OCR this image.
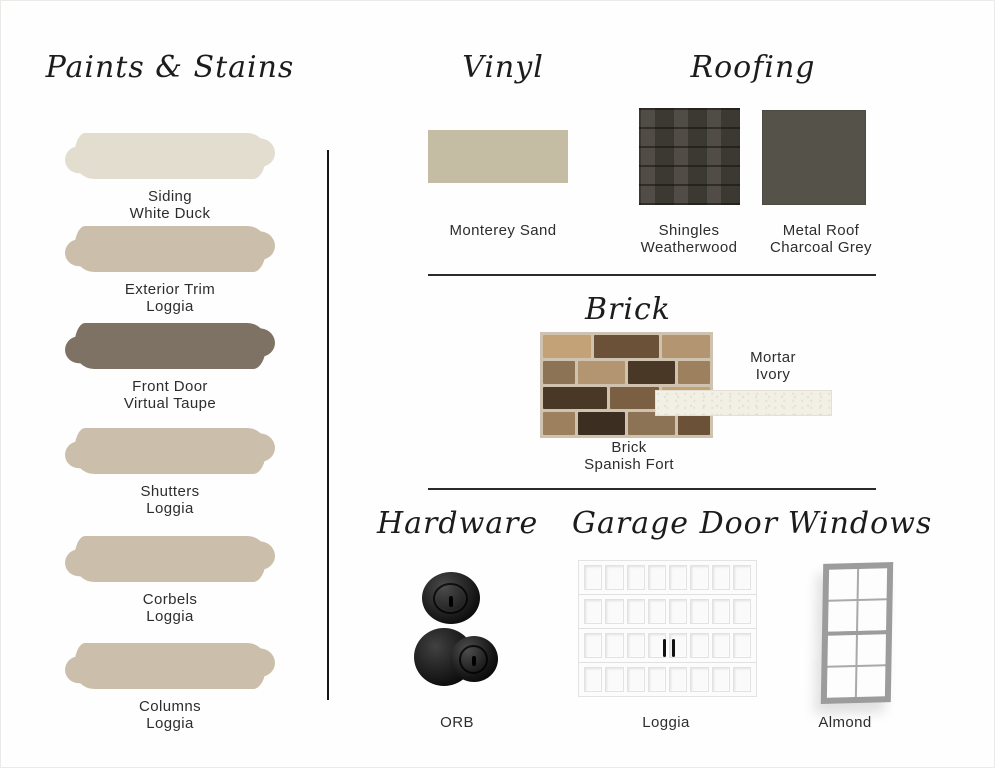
Paints & Stains	Vinyl	Roofing
Brick
Hardware Garage Door Windows
Siding
White Duck
Exterior Trim
Loggia
Front Door
Virtual Taupe
Shutters
Loggia
Corbels
Loggia
Columns
Loggia
Monterey Sand	Shingles
Weatherwood
Metal Roof
Charcoal Grey
Mortar
Ivory
Brick
Spanish Fort
ORB	Loggia	Almond
